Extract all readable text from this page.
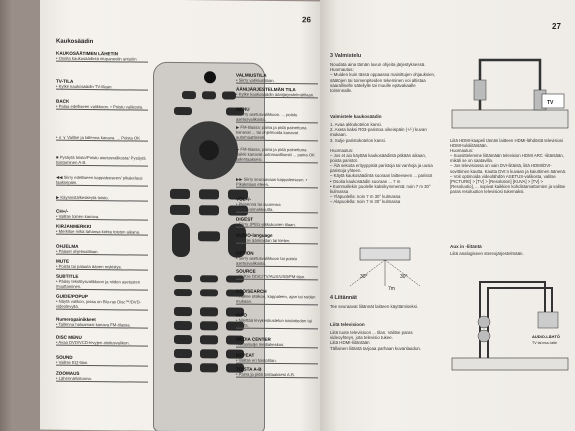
26
Kaukosäädin
KAUKOSÄÄTIMEN LÄHETIN
• Osoita kaukosäädintä etupaneelin anturiin
TV-TILA
• Kytke kaukosäädin TV-tilaan.
BACK
• Palaa edelliseen valikkoon. • Poistu valikosta.
• ∧ ∨ Valitse ja tallenna kanava. ... Poista OK
■ Pysäytä toisto/Poistu asetusvalikosta/ Pysäytä toistaminen A-B.
◀◀ Siirry edelliseen kappaleeseen/ pikakelaus taaksepäin.
▶ Käynnistä/keskeytä toisto.
CH+/-
• Valitse toinen kanava.
KIRJANMERKKI
• Merkitse mikä tahansa kohta toiston aikana.
OHJELMA
• Pääset ohjelmatilaan.
MUTE
• Poista tai palauta äänen mykistys.
SUBTITLE
• Pääsy tekstitysvalikkoon ja niiden asetusten muuttaminen.
GUIDE/POPUP
• Näytä valikon, jossa on Blu-ray Disc™/DVD-videolevyllä.
Numeropainikkeet
• Tallenna haluamasi kanava FM-tilassa.
DISC MENU
• Avaa DVD/VCD-levyjen aloitusvalikon.
SOUND
• Valitse EQ-tilan.
ZOOMAUS
• Lähennä/loitonna.
VALMIUSTILA
• Siirry valmiustilaan.
ÄÄNIJÄRJESTELMÄN TILA
• Kytke kaukosäädin äänijärjestelmätilaan.
MENU
• Siirry asetusvalikkoon. ... poistu asetusvalikosta.
▶ FM-tilassa: paina ja pidä painettuna kanavat ... tai ohjelmoida kanavat automaattisesti.
▶ FM-tilassa, paina ja pidä painettuna kaikki kanavat automaattisesti ... paina OK tallentaaksesi.
▶▶ Siirry seuraavaan kappaleeseen. • Pikakelaus eteen.
VOL+/-
• Pienennä tai suurenna äänenvoimakkuutta.
DIGEST
• Siirry JPEG-pikkukuvien tilaan.
AUDIO-language
• Valitse ääniraidan tai kielen.
OPTION
• Siirry asetusvalikkoon tai poistu asetusvalikosta.
SOURCE
• Valitse DISC/TV/AUX/USB/FM tilan.
ECO/SEARCH
• Hakee otsikon, kappaleen, ajan tai raidan mukaan.
INFO
• Näyttää levykeskustelun toistotiedon tai muuta.
MEDIA CENTER
• Avaa/sulje mediakeskus.
REPEAT
• Valitse eri toistotilan.
TOISTA A-B
• Paina ja pidä toistaaksesi A-B.
27
3 Valmistelu
Noudata aina tämän luvun ohjeita järjestyksessä. Huomautus:
– Muiden kuin tässä oppaassa mainittujen ohjauksien, säätöjen tai toimenpiteiden tekeminen voi altistaa vaaralliselle säteilylle tai muulle epävakaalle toiminnalle.
Valmistele kaukosäädin
1. Avaa akkukotelon kansi.
2. Aseta kaksi R03-paristoa oikeinpäin (+/-) kuvan mukaan.
3. Sulje paristokotelon kansi.
Huomautus:
– Jos et aio käyttää kaukosäädintä pitkään aikaan, poista paristot.
– Älä sekoita erityyppisiä paristoja tai vanhoja ja uusia paristoja yhteen.
– Käytä kaukosäädintä suoraan laitteeseen ... paristot
• Osoita kaukosäädin suoraan ... 7 m
• Kummallekin puolelle kaksikymmentä: noin 7 m 30° kulmassa
– Yläpuolella: noin 7 m 30° kulmassa
– Alapuolella: noin 7 m 30° kulmassa
30°	30°
7m
4 Liitännät
Tee seuraavat liitännät laitteen käyttämiseksi.
Liitä televisioon
Liitä tuote televisioon ... tilan. Valitse paras videoyhteys, jota televisio tukee.
Liitä HDMI-liitäntään
Tällainen liitäntä tarjoaa parhaan kuvanlaadun.
TV
Liitä HDMI-kaapeli tämän laitteen HDMI-lähdöstä televisiosi HDMI-tuloliitäntään.
Huomautus:
– Suosittelemme liittämään television HDMI ARC -liitäntään, mikäli se on saatavilla.
– Jos televisiossa on vain DVI-liitäntä, liitä HDMI/DVI-sovittimen kautta. Kautta DVI:n kuvaan ja kaiuttimen äänenä.
– Voit optimoida videolähdön ASETUS-valikosta, valitse [PICTURE] > [TV] > [Resolution] [KUVA] > [TV] > [Resoluutio], ... sopivat kaikkien kohdistamattomien ja valitse paras resoluution televisiosi tukemaksi.
Aux in -liitäntä
Liitä analogiseen stereojärjestelmään.
AUDIO-LÄHTÖ
TV tai muu laite
